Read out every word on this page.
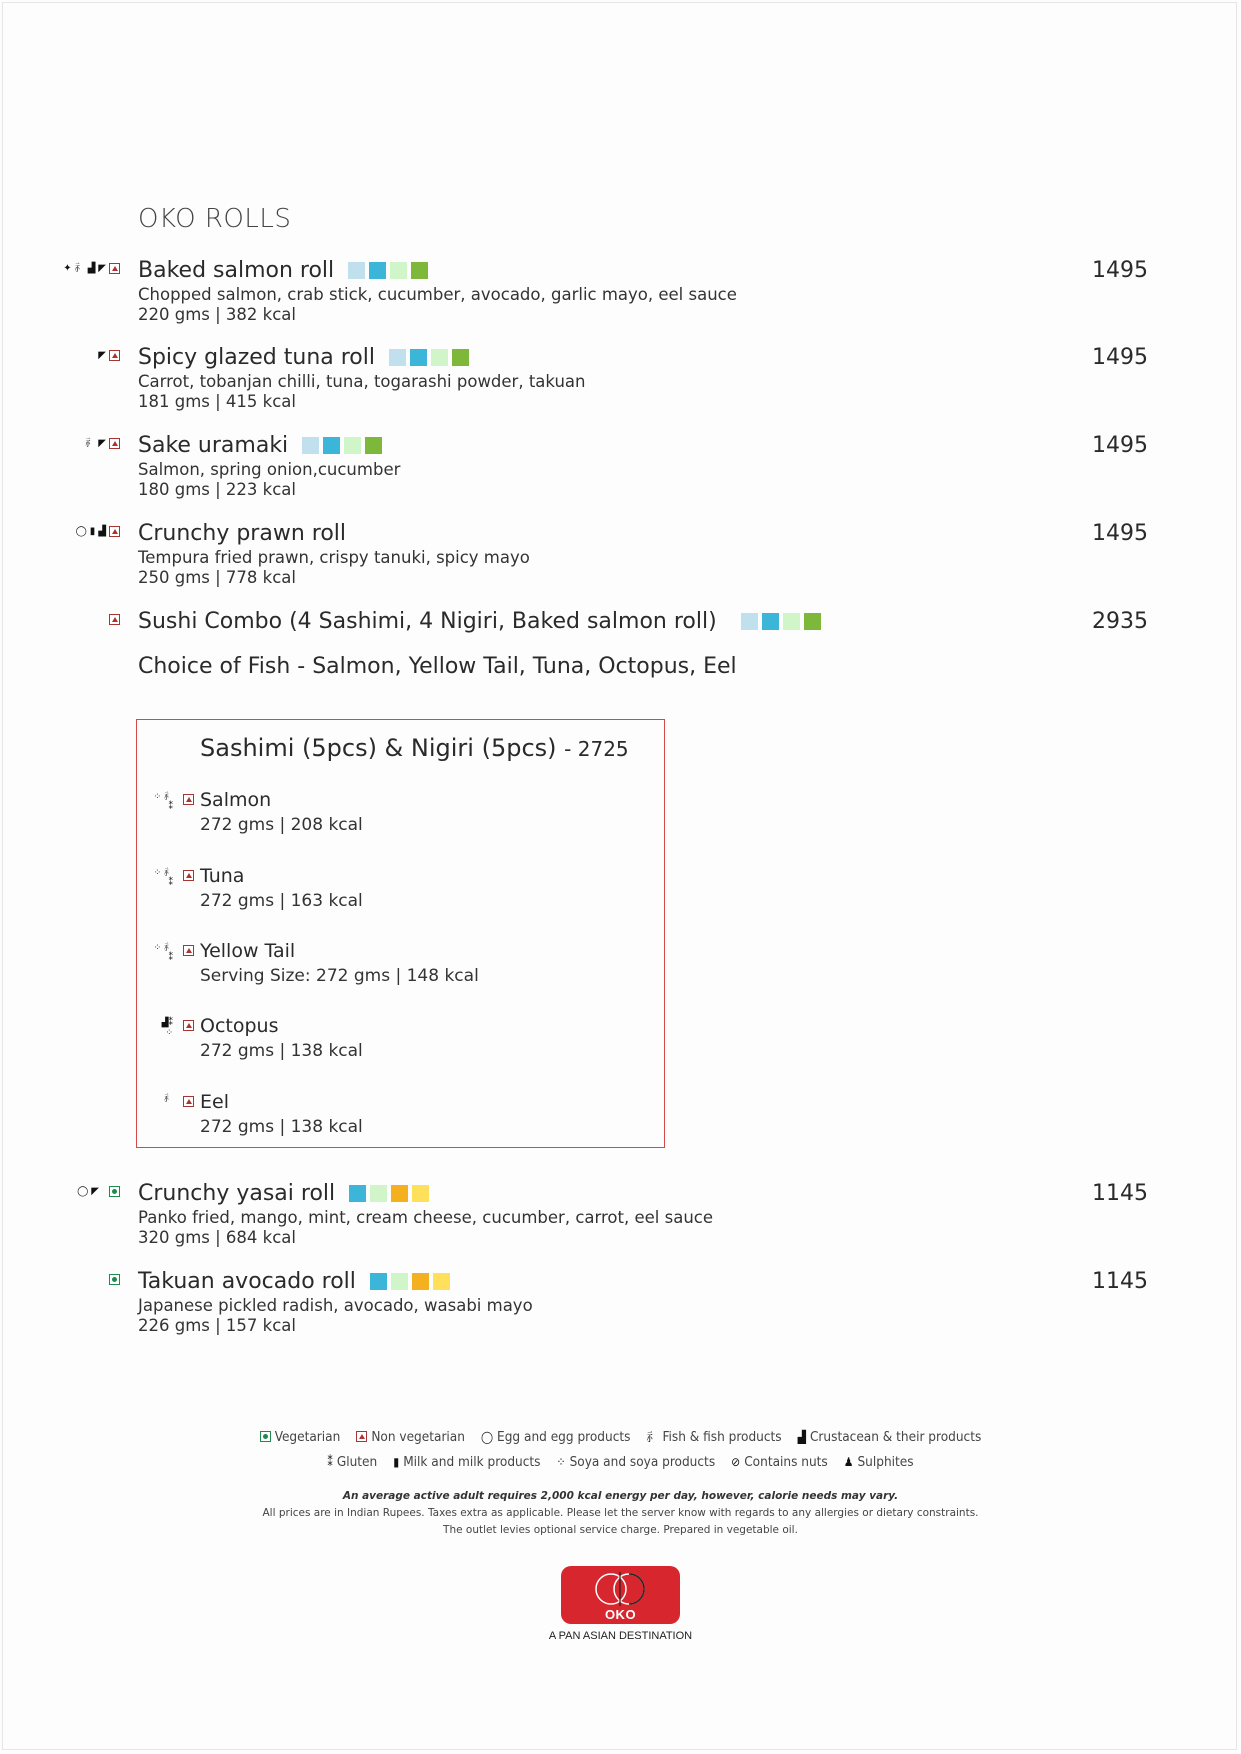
OKO ROLLS
✦ ⺬ ▟ ◤ Baked salmon roll
Chopped salmon, crab stick, cucumber, avocado, garlic mayo, eel sauce
220 gms | 382 kcal
1495
◤ Spicy glazed tuna roll
Carrot, tobanjan chilli, tuna, togarashi powder, takuan
181 gms | 415 kcal
1495
⺬ ◤ Sake uramaki
Salmon, spring onion,cucumber
180 gms | 223 kcal
1495
◯ ▮ ▟ Crunchy prawn roll
Tempura fried prawn, crispy tanuki, spicy mayo
250 gms | 778 kcal
1495
Sushi Combo (4 Sashimi, 4 Nigiri, Baked salmon roll)	2935
Choice of Fish - Salmon, Yellow Tail, Tuna, Octopus, Eel
Sashimi (5pcs) & Nigiri (5pcs) - 2725
⁘ ⺬
⁑ Salmon
272 gms | 208 kcal
⁘ ⺬
⁑ Tuna
272 gms | 163 kcal
⁘ ⺬
⁑ Yellow Tail
Serving Size: 272 gms | 148 kcal
▟⁑
⁘ Octopus
272 gms | 138 kcal
⺬ Eel
272 gms | 138 kcal
◯ ◤ Crunchy yasai roll
Panko fried, mango, mint, cream cheese, cucumber, carrot, eel sauce
320 gms | 684 kcal
1145
Takuan avocado roll
Japanese pickled radish, avocado, wasabi mayo
226 gms | 157 kcal
1145
Vegetarian Non vegetarian ◯ Egg and egg products ⺬ Fish & fish products ▟ Crustacean & their products
⁑ Gluten ▮ Milk and milk products ⁘ Soya and soya products ⊘ Contains nuts ♟ Sulphites
An average active adult requires 2,000 kcal energy per day, however, calorie needs may vary.
All prices are in Indian Rupees. Taxes extra as applicable. Please let the server know with regards to any allergies or dietary constraints.
The outlet levies optional service charge. Prepared in vegetable oil.
OKO
A PAN ASIAN DESTINATION
